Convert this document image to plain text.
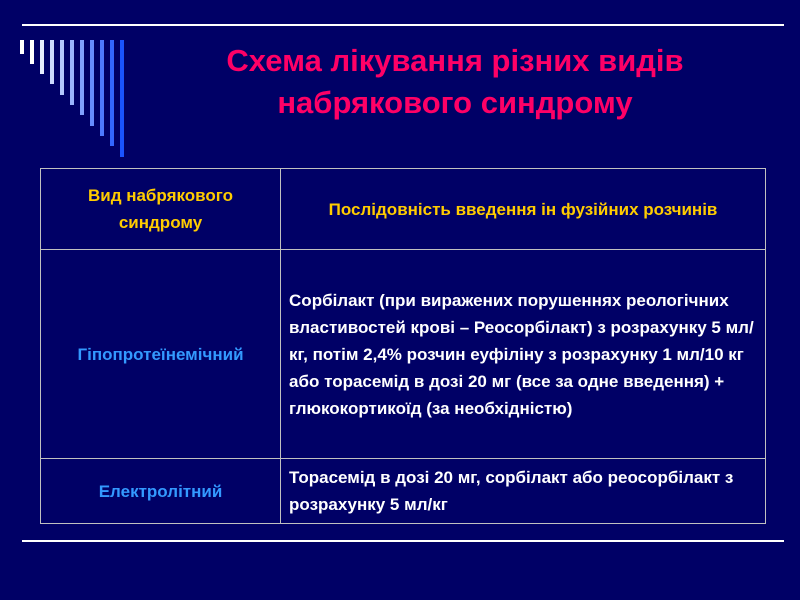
Схема лікування різних видів
набрякового синдрому
Вид набрякового синдрому	Послідовність введення ін фузійних розчинів
Гіпопротеїнемічний	Сорбілакт (при виражених порушеннях реологічних властивостей крові – Реосорбілакт) з розрахунку 5 мл/кг, потім 2,4% розчин еуфіліну з розрахунку 1 мл/10 кг або торасемід в дозі 20 мг (все за одне введення) + глюкокортикоїд (за необхідністю)
Електролітний	Торасемід в дозі 20 мг, сорбілакт або реосорбілакт з розрахунку 5 мл/кг
